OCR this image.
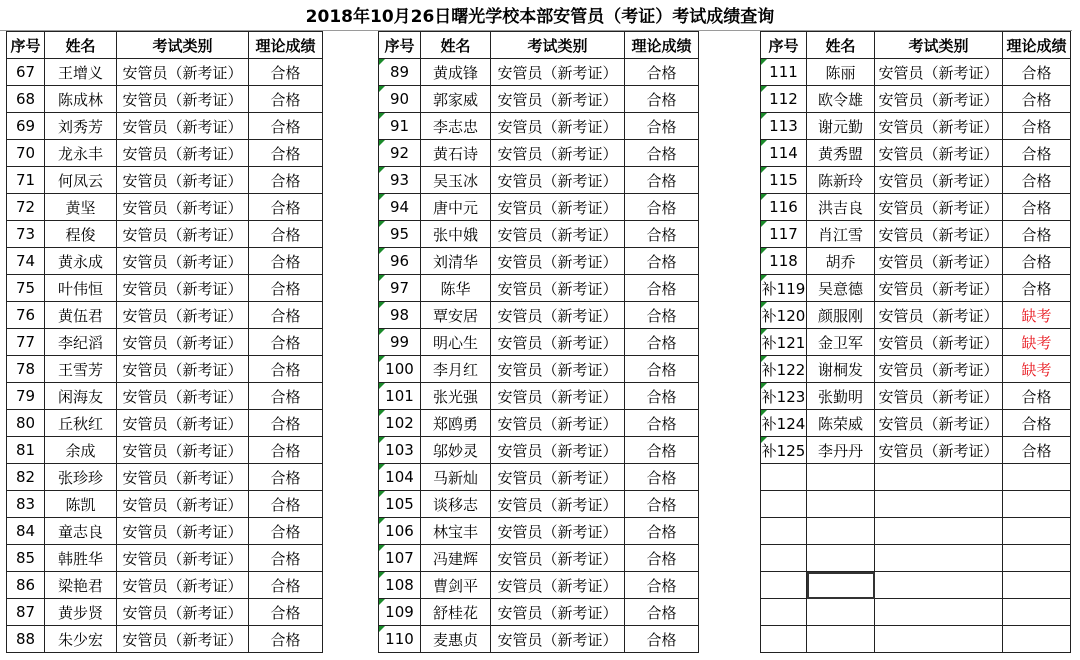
2018年10月26日曙光学校本部安管员（考证）考试成绩查询
序号	姓名	考试类别	理论成绩
67	王增义	安管员（新考证）	合格
68	陈成林	安管员（新考证）	合格
69	刘秀芳	安管员（新考证）	合格
70	龙永丰	安管员（新考证）	合格
71	何凤云	安管员（新考证）	合格
72	黄坚	安管员（新考证）	合格
73	程俊	安管员（新考证）	合格
74	黄永成	安管员（新考证）	合格
75	叶伟恒	安管员（新考证）	合格
76	黄伍君	安管员（新考证）	合格
77	李纪滔	安管员（新考证）	合格
78	王雪芳	安管员（新考证）	合格
79	闲海友	安管员（新考证）	合格
80	丘秋红	安管员（新考证）	合格
81	余成	安管员（新考证）	合格
82	张珍珍	安管员（新考证）	合格
83	陈凯	安管员（新考证）	合格
84	童志良	安管员（新考证）	合格
85	韩胜华	安管员（新考证）	合格
86	梁艳君	安管员（新考证）	合格
87	黄步贤	安管员（新考证）	合格
88	朱少宏	安管员（新考证）	合格
序号	姓名	考试类别	理论成绩
89	黄成锋	安管员（新考证）	合格
90	郭家威	安管员（新考证）	合格
91	李志忠	安管员（新考证）	合格
92	黄石诗	安管员（新考证）	合格
93	吴玉冰	安管员（新考证）	合格
94	唐中元	安管员（新考证）	合格
95	张中娥	安管员（新考证）	合格
96	刘清华	安管员（新考证）	合格
97	陈华	安管员（新考证）	合格
98	覃安居	安管员（新考证）	合格
99	明心生	安管员（新考证）	合格
100	李月红	安管员（新考证）	合格
101	张光强	安管员（新考证）	合格
102	郑鸥勇	安管员（新考证）	合格
103	邬妙灵	安管员（新考证）	合格
104	马新灿	安管员（新考证）	合格
105	谈移志	安管员（新考证）	合格
106	林宝丰	安管员（新考证）	合格
107	冯建辉	安管员（新考证）	合格
108	曹剑平	安管员（新考证）	合格
109	舒桂花	安管员（新考证）	合格
110	麦惠贞	安管员（新考证）	合格
序号	姓名	考试类别	理论成绩
111	陈丽	安管员（新考证）	合格
112	欧令雄	安管员（新考证）	合格
113	谢元勤	安管员（新考证）	合格
114	黄秀盟	安管员（新考证）	合格
115	陈新玲	安管员（新考证）	合格
116	洪吉良	安管员（新考证）	合格
117	肖江雪	安管员（新考证）	合格
118	胡乔	安管员（新考证）	合格
补119	吴意德	安管员（新考证）	合格
补120	颜服刚	安管员（新考证）	缺考
补121	金卫军	安管员（新考证）	缺考
补122	谢桐发	安管员（新考证）	缺考
补123	张勤明	安管员（新考证）	合格
补124	陈荣威	安管员（新考证）	合格
补125	李丹丹	安管员（新考证）	合格
